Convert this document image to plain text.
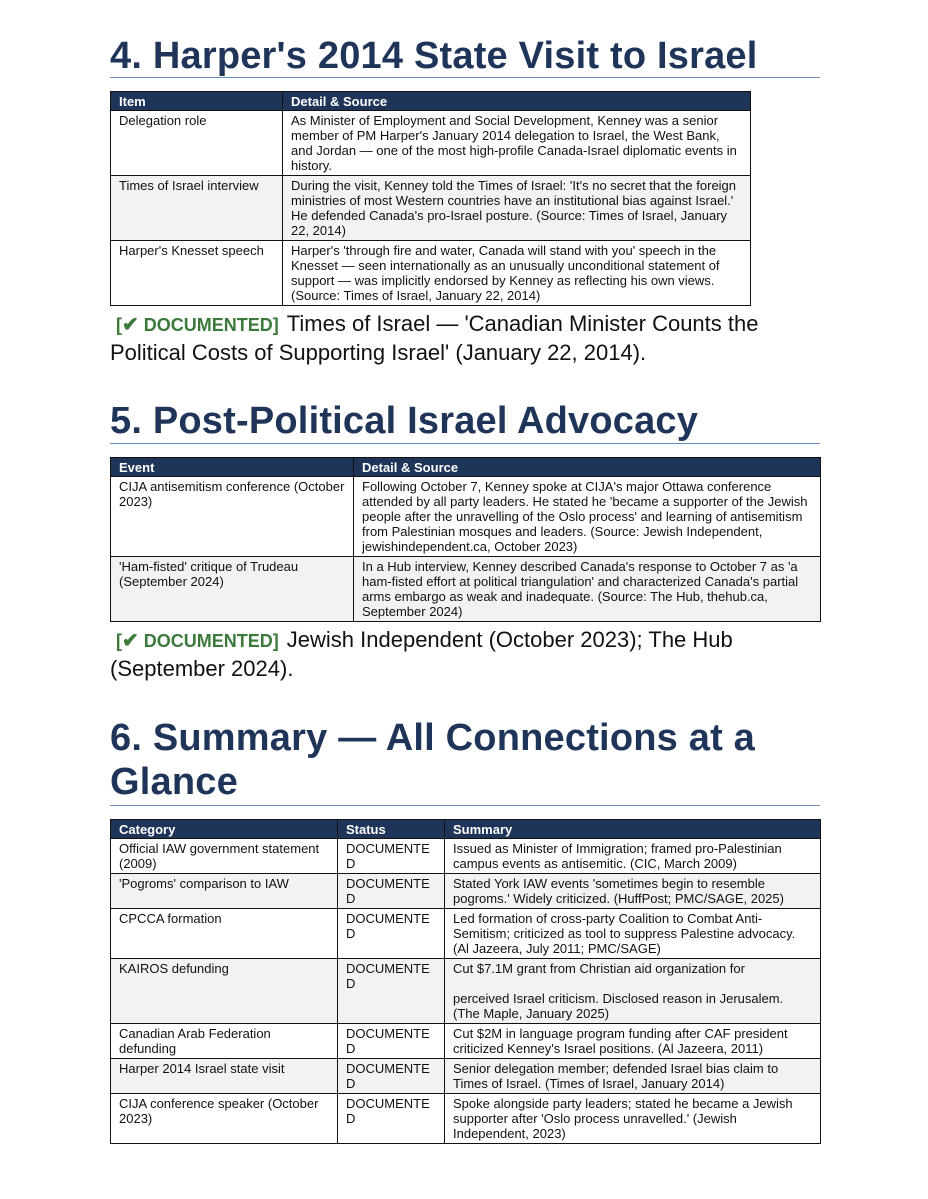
4. Harper's 2014 State Visit to Israel
Item	Detail & Source
Delegation role	As Minister of Employment and Social Development, Kenney was a senior member of PM Harper's January 2014 delegation to Israel, the West Bank, and Jordan — one of the most high-profile Canada-Israel diplomatic events in history.
Times of Israel interview	During the visit, Kenney told the Times of Israel: 'It's no secret that the foreign ministries of most Western countries have an institutional bias against Israel.' He defended Canada's pro-Israel posture. (Source: Times of Israel, January 22, 2014)
Harper's Knesset speech	Harper's 'through fire and water, Canada will stand with you' speech in the Knesset — seen internationally as an unusually unconditional statement of support — was implicitly endorsed by Kenney as reflecting his own views. (Source: Times of Israel, January 22, 2014)
[✔ DOCUMENTED] Times of Israel — 'Canadian Minister Counts the Political Costs of Supporting Israel' (January 22, 2014).
5. Post-Political Israel Advocacy
Event	Detail & Source
CIJA antisemitism conference (October 2023)	Following October 7, Kenney spoke at CIJA's major Ottawa conference attended by all party leaders. He stated he 'became a supporter of the Jewish people after the unravelling of the Oslo process' and learning of antisemitism from Palestinian mosques and leaders. (Source: Jewish Independent, jewishindependent.ca, October 2023)
'Ham-fisted' critique of Trudeau (September 2024)	In a Hub interview, Kenney described Canada's response to October 7 as 'a ham-fisted effort at political triangulation' and characterized Canada's partial arms embargo as weak and inadequate. (Source: The Hub, thehub.ca, September 2024)
[✔ DOCUMENTED] Jewish Independent (October 2023); The Hub (September 2024).
6. Summary — All Connections at a
Glance
Category	Status	Summary
Official IAW government statement (2009)	DOCUMENTE D	Issued as Minister of Immigration; framed pro-Palestinian campus events as antisemitic. (CIC, March 2009)
'Pogroms' comparison to IAW	DOCUMENTE D	Stated York IAW events 'sometimes begin to resemble pogroms.' Widely criticized. (HuffPost; PMC/SAGE, 2025)
CPCCA formation	DOCUMENTE D	Led formation of cross-party Coalition to Combat Anti-Semitism; criticized as tool to suppress Palestine advocacy. (Al Jazeera, July 2011; PMC/SAGE)
KAIROS defunding	DOCUMENTE D	Cut $7.1M grant from Christian aid organization for

perceived Israel criticism. Disclosed reason in Jerusalem. (The Maple, January 2025)
Canadian Arab Federation defunding	DOCUMENTE D	Cut $2M in language program funding after CAF president criticized Kenney's Israel positions. (Al Jazeera, 2011)
Harper 2014 Israel state visit	DOCUMENTE D	Senior delegation member; defended Israel bias claim to Times of Israel. (Times of Israel, January 2014)
CIJA conference speaker (October 2023)	DOCUMENTE D	Spoke alongside party leaders; stated he became a Jewish supporter after 'Oslo process unravelled.' (Jewish Independent, 2023)
